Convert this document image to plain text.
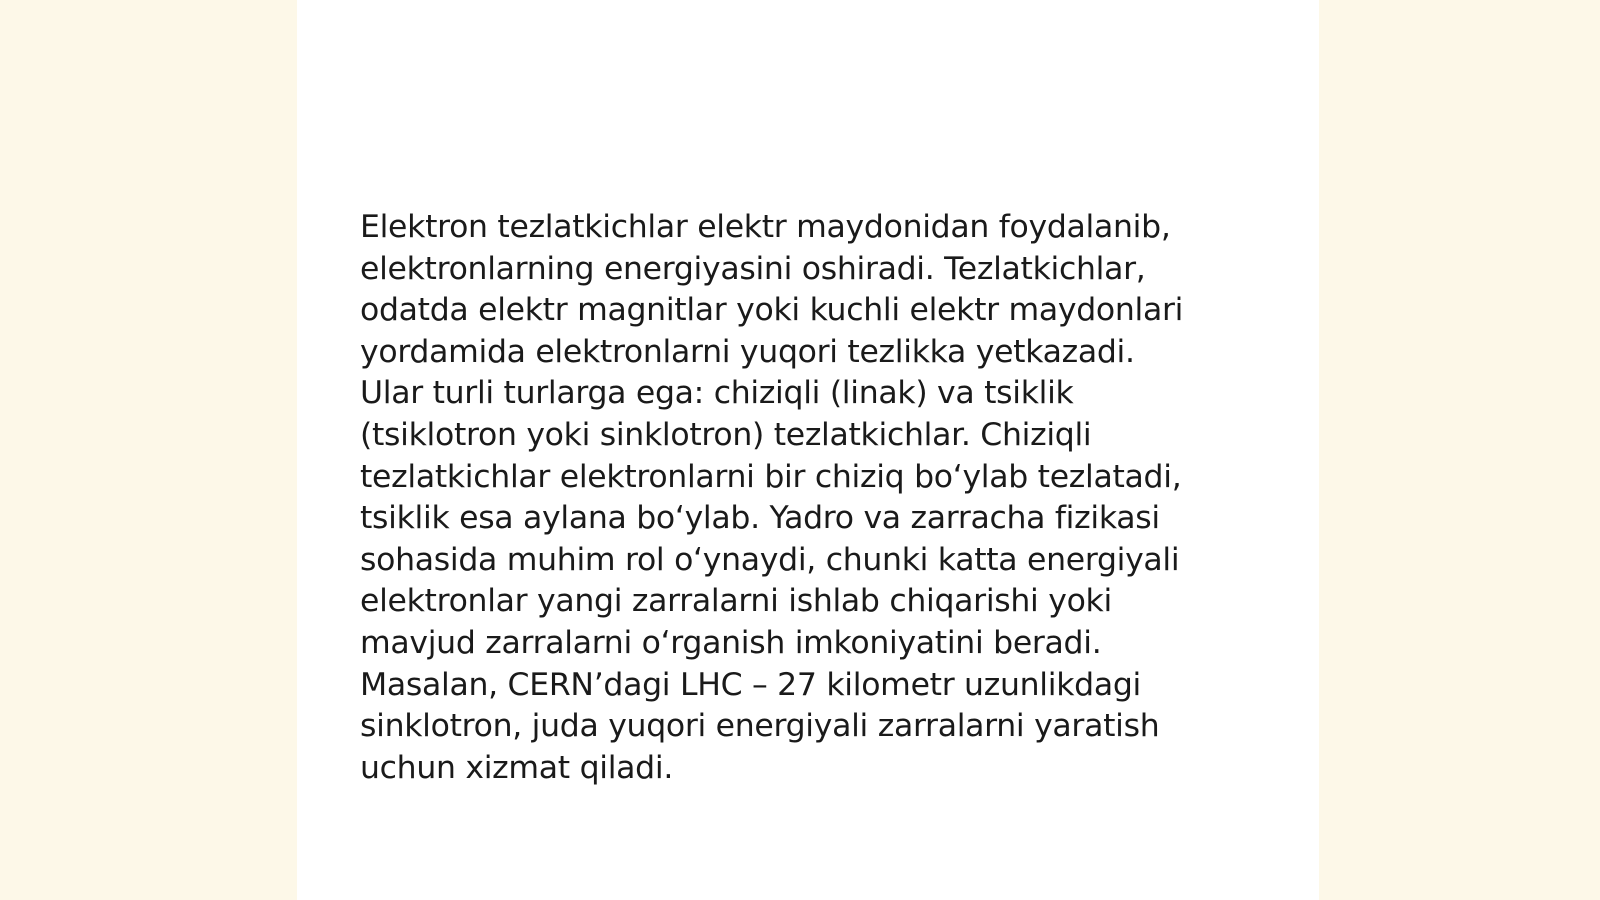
Elektron tezlatkichlar elektr maydonidan foydalanib,
elektronlarning energiyasini oshiradi. Tezlatkichlar,
odatda elektr magnitlar yoki kuchli elektr maydonlari
yordamida elektronlarni yuqori tezlikka yetkazadi.
Ular turli turlarga ega: chiziqli (linak) va tsiklik
(tsiklotron yoki sinklotron) tezlatkichlar. Chiziqli
tezlatkichlar elektronlarni bir chiziq bo‘ylab tezlatadi,
tsiklik esa aylana bo‘ylab. Yadro va zarracha fizikasi
sohasida muhim rol o‘ynaydi, chunki katta energiyali
elektronlar yangi zarralarni ishlab chiqarishi yoki
mavjud zarralarni o‘rganish imkoniyatini beradi.
Masalan, CERN’dagi LHC – 27 kilometr uzunlikdagi
sinklotron, juda yuqori energiyali zarralarni yaratish
uchun xizmat qiladi.
